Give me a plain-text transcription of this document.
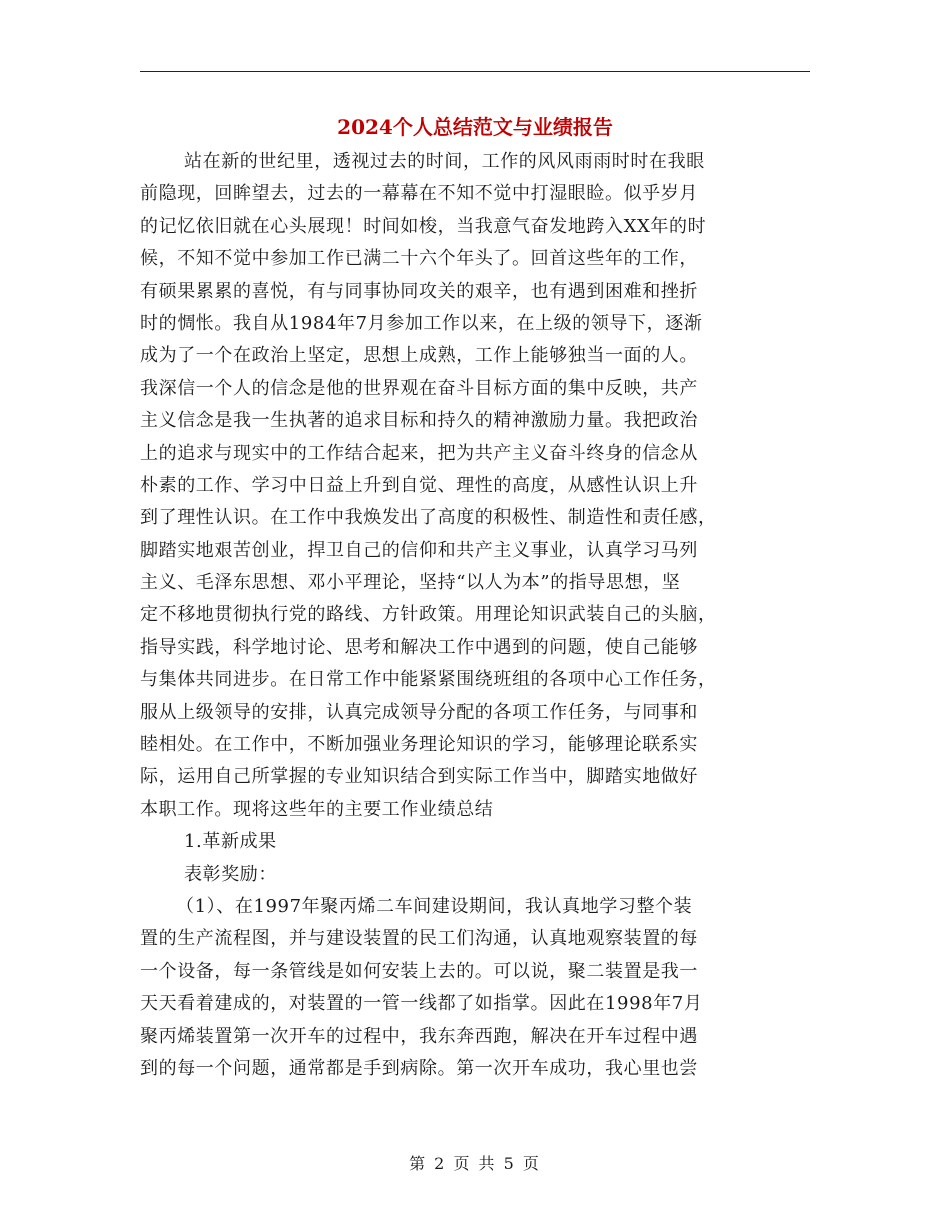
2024个人总结范文与业绩报告
站在新的世纪里，透视过去的时间，工作的风风雨雨时时在我眼
前隐现，回眸望去，过去的一幕幕在不知不觉中打湿眼睑。似乎岁月
的记忆依旧就在心头展现！时间如梭，当我意气奋发地跨入XX年的时
候，不知不觉中参加工作已满二十六个年头了。回首这些年的工作，
有硕果累累的喜悦，有与同事协同攻关的艰辛，也有遇到困难和挫折
时的惆怅。我自从1984年7月参加工作以来，在上级的领导下，逐渐
成为了一个在政治上坚定，思想上成熟，工作上能够独当一面的人。
我深信一个人的信念是他的世界观在奋斗目标方面的集中反映，共产
主义信念是我一生执著的追求目标和持久的精神激励力量。我把政治
上的追求与现实中的工作结合起来，把为共产主义奋斗终身的信念从
朴素的工作、学习中日益上升到自觉、理性的高度，从感性认识上升
到了理性认识。在工作中我焕发出了高度的积极性、制造性和责任感，
脚踏实地艰苦创业，捍卫自己的信仰和共产主义事业，认真学习马列
主义、毛泽东思想、邓小平理论，坚持“以人为本”的指导思想，坚
定不移地贯彻执行党的路线、方针政策。用理论知识武装自己的头脑，
指导实践，科学地讨论、思考和解决工作中遇到的问题，使自己能够
与集体共同进步。在日常工作中能紧紧围绕班组的各项中心工作任务，
服从上级领导的安排，认真完成领导分配的各项工作任务，与同事和
睦相处。在工作中，不断加强业务理论知识的学习，能够理论联系实
际，运用自己所掌握的专业知识结合到实际工作当中，脚踏实地做好
本职工作。现将这些年的主要工作业绩总结
1.革新成果
表彰奖励：
（1）、在1997年聚丙烯二车间建设期间，我认真地学习整个装
置的生产流程图，并与建设装置的民工们沟通，认真地观察装置的每
一个设备，每一条管线是如何安装上去的。可以说，聚二装置是我一
天天看着建成的，对装置的一管一线都了如指掌。因此在1998年7月
聚丙烯装置第一次开车的过程中，我东奔西跑，解决在开车过程中遇
到的每一个问题，通常都是手到病除。第一次开车成功，我心里也尝
第 2 页 共 5 页
